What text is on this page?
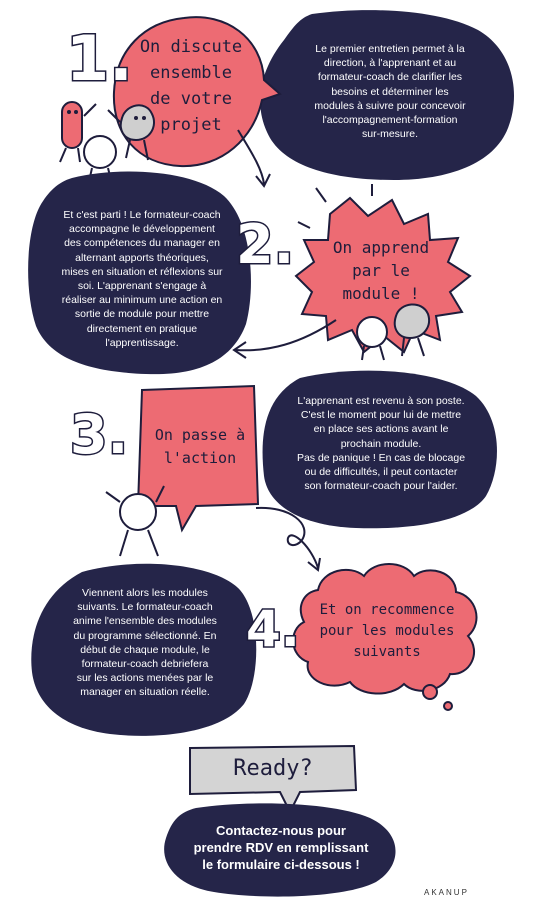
1.
2.
3.
4.
On discute
ensemble
de votre
projet
On apprend
par le
module !
On passe à
l'action
Et on recommence
pour les modules
suivants
Le premier entretien permet à la
direction, à l'apprenant et au
formateur-coach de clarifier les
besoins et déterminer les
modules à suivre pour concevoir
l'accompagnement-formation
sur-mesure.
Et c'est parti ! Le formateur-coach
accompagne le développement
des compétences du manager en
alternant apports théoriques,
mises en situation et réflexions sur
soi. L'apprenant s'engage à
réaliser au minimum une action en
sortie de module pour mettre
directement en pratique
l'apprentissage.
L'apprenant est revenu à son poste.
C'est le moment pour lui de mettre
en place ses actions avant le
prochain module.
Pas de panique ! En cas de blocage
ou de difficultés, il peut contacter
son formateur-coach pour l'aider.
Viennent alors les modules
suivants. Le formateur-coach
anime l'ensemble des modules
du programme sélectionné. En
début de chaque module, le
formateur-coach debriefera
sur les actions menées par le
manager en situation réelle.
Ready?
Contactez-nous pour
prendre RDV en remplissant
le formulaire ci-dessous !
AKANUP
